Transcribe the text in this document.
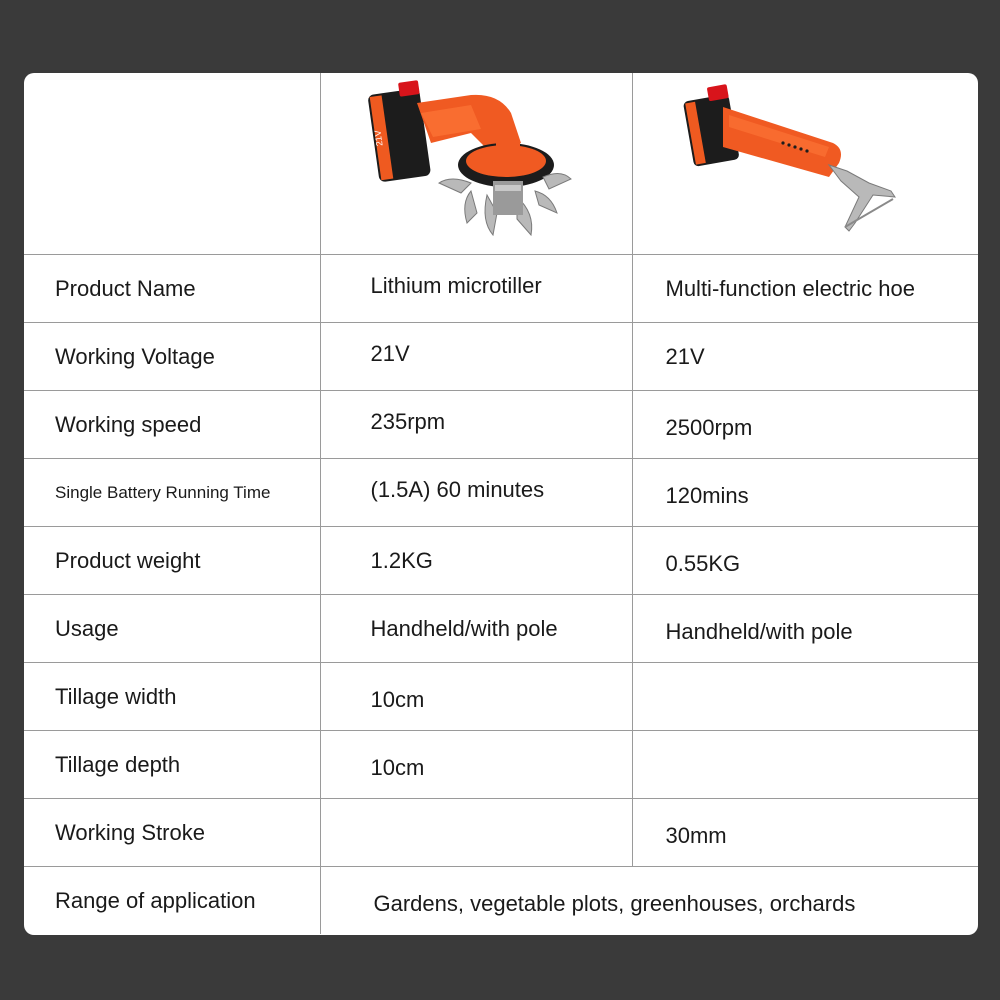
21V

Product Name	Lithium microtiller	Multi-function electric hoe
Working Voltage	21V	21V
Working speed	235rpm	2500rpm
Single Battery Running Time	(1.5A) 60 minutes	120mins
Product weight	1.2KG	0.55KG
Usage	Handheld/with pole	Handheld/with pole
Tillage width	10cm	
Tillage depth	10cm	
Working Stroke		30mm
Range of application	Gardens, vegetable plots, greenhouses, orchards	
